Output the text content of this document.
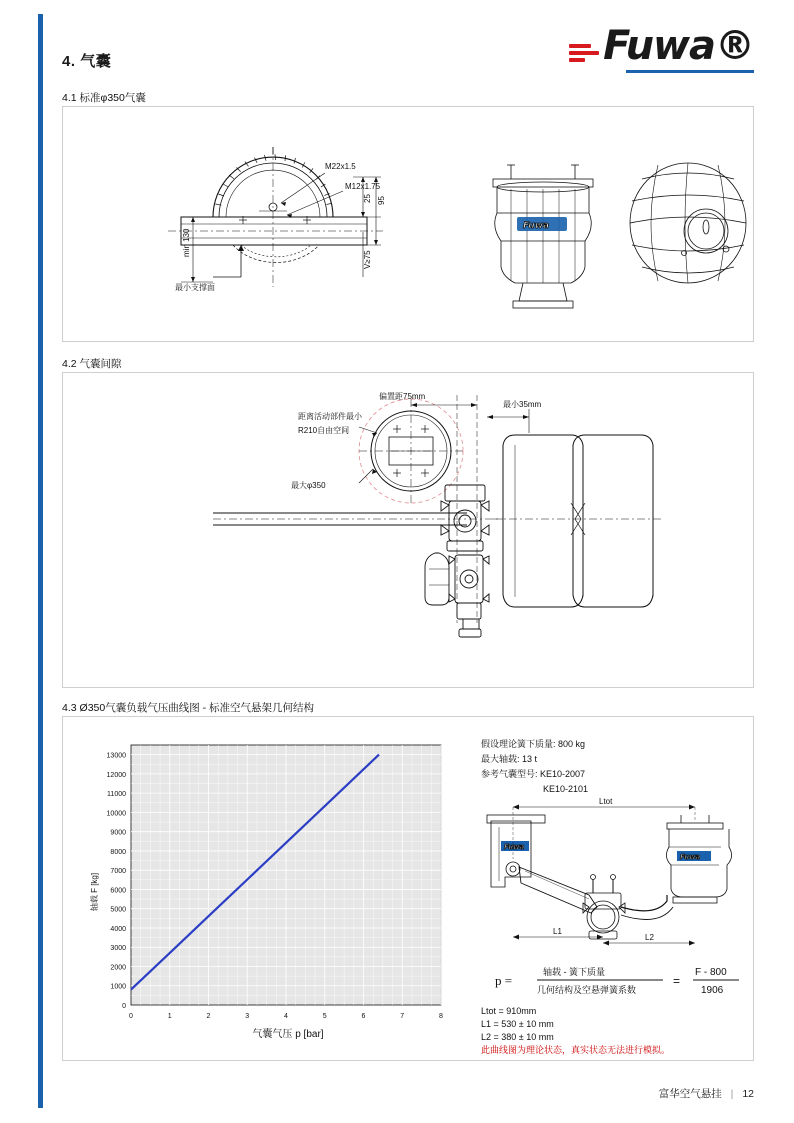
Fuwa®
4. 气囊
4.1 标准φ350气囊
Fuwa
M22x1.5
M12x1.75
95
25
min 130
V≥75
最小支撑面
4.2 气囊间隙
偏置距75mm
最小35mm
距离活动部件最小
R210自由空间
最大φ350
4.3 Ø350气囊负载气压曲线图 - 标准空气悬架几何结构
0
1000
2000
3000
4000
5000
6000
7000
8000
9000
10000
11000
12000
13000
0	1	2	3	4	5	6	7	8
轴载 F [kg]
气囊气压 p [bar]
假设理论簧下质量: 800 kg
最大轴载: 13 t
参考气囊型号: KE10-2007
KE10-2101
Fuwa
Fuwa
Ltot
L1
L2
p =
轴载 - 簧下质量
几何结构及空悬弹簧系数
=
F - 800
1906
Ltot = 910mm
L1 = 530 ± 10 mm
L2 = 380 ± 10 mm
此曲线图为理论状态，真实状态无法进行模拟。
富华空气悬挂 | 12
